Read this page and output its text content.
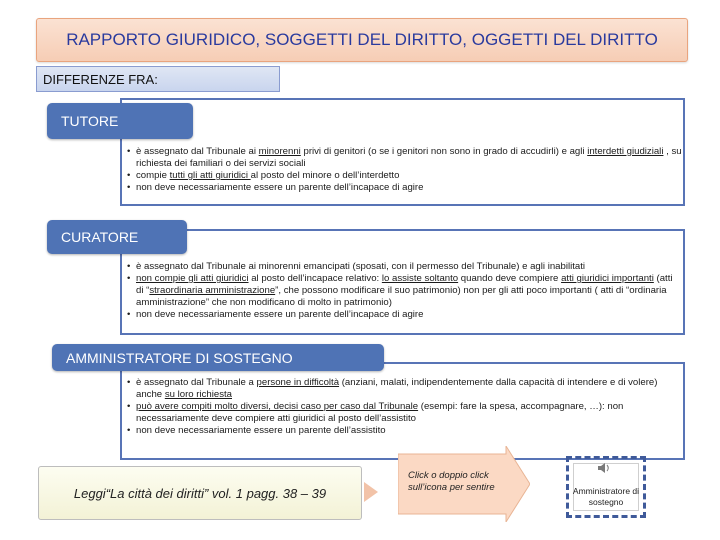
RAPPORTO GIURIDICO, SOGGETTI DEL DIRITTO, OGGETTI DEL DIRITTO
DIFFERENZE FRA:
TUTORE
• è assegnato dal Tribunale ai minorenni privi di genitori (o se i genitori non sono in grado di accudirli) e agli interdetti giudiziali , su richiesta dei familiari o dei servizi sociali
• compie tutti gli atti giuridici al posto del minore o dell’interdetto
• non deve necessariamente essere un parente dell’incapace di agire
CURATORE
• è assegnato dal Tribunale ai minorenni emancipati (sposati, con il permesso del Tribunale) e agli inabilitati
• non compie gli atti giuridici al posto dell’incapace relativo: lo assiste soltanto quando deve compiere atti giuridici importanti (atti di “straordinaria amministrazione”, che possono modificare il suo patrimonio) non per gli atti poco importanti ( atti di “ordinaria amministrazione” che non modificano di molto in patrimonio)
• non deve necessariamente essere un parente dell’incapace di agire
AMMINISTRATORE DI SOSTEGNO
• è assegnato dal Tribunale a persone in difficoltà (anziani, malati, indipendentemente dalla capacità di intendere e di volere) anche su loro richiesta
• può avere compiti molto diversi, decisi caso per caso dal Tribunale (esempi: fare la spesa, accompagnare, …): non necessariamente deve compiere atti giuridici al posto dell’assistito
• non deve necessariamente essere un parente dell’assistito
Leggi“La città dei diritti” vol. 1 pagg. 38 – 39
Click o doppio click sull’icona per sentire	Amministratore di sostegno
